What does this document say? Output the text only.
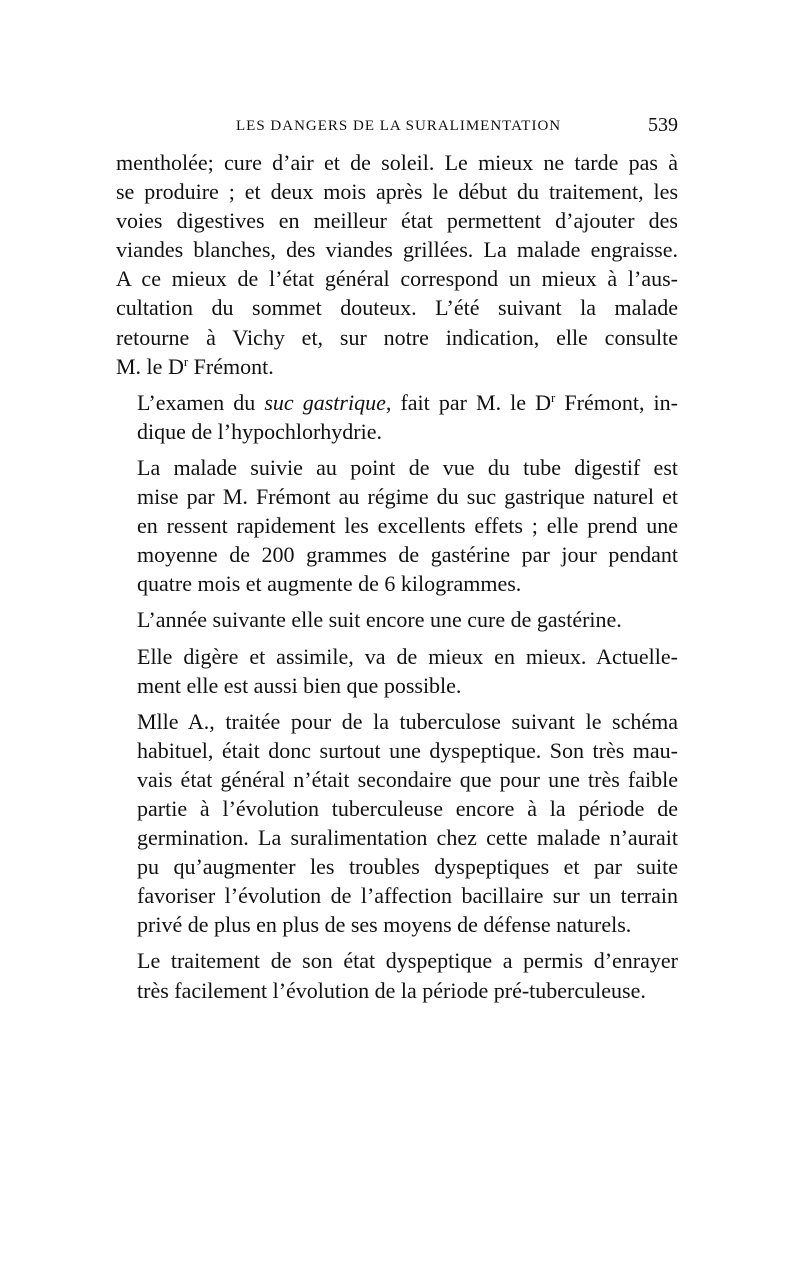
LES DANGERS DE LA SURALIMENTATION	539

mentholée; cure d’air et de soleil. Le mieux ne tarde pas à
se produire ; et deux mois après le début du traitement, les
voies digestives en meilleur état permettent d’ajouter des
viandes blanches, des viandes grillées. La malade engraisse.
A ce mieux de l’état général correspond un mieux à l’aus-
cultation du sommet douteux. L’été suivant la malade
retourne à Vichy et, sur notre indication, elle consulte
M. le $D^r$ Frémont.

L’examen du suc gastrique, fait par M. le $D^r$ Frémont, in-
dique de l’hypochlorhydrie.

La malade suivie au point de vue du tube digestif est
mise par M. Frémont au régime du suc gastrique naturel et
en ressent rapidement les excellents effets ; elle prend une
moyenne de 200 grammes de gastérine par jour pendant
quatre mois et augmente de 6 kilogrammes.

L’année suivante elle suit encore une cure de gastérine.

Elle digère et assimile, va de mieux en mieux. Actuelle-
ment elle est aussi bien que possible.

Mlle A., traitée pour de la tuberculose suivant le schéma
habituel, était donc surtout une dyspeptique. Son très mau-
vais état général n’était secondaire que pour une très faible
partie à l’évolution tuberculeuse encore à la période de
germination. La suralimentation chez cette malade n’aurait
pu qu’augmenter les troubles dyspeptiques et par suite
favoriser l’évolution de l’affection bacillaire sur un terrain
privé de plus en plus de ses moyens de défense naturels.

Le traitement de son état dyspeptique a permis d’enrayer
très facilement l’évolution de la période pré-tuberculeuse.
